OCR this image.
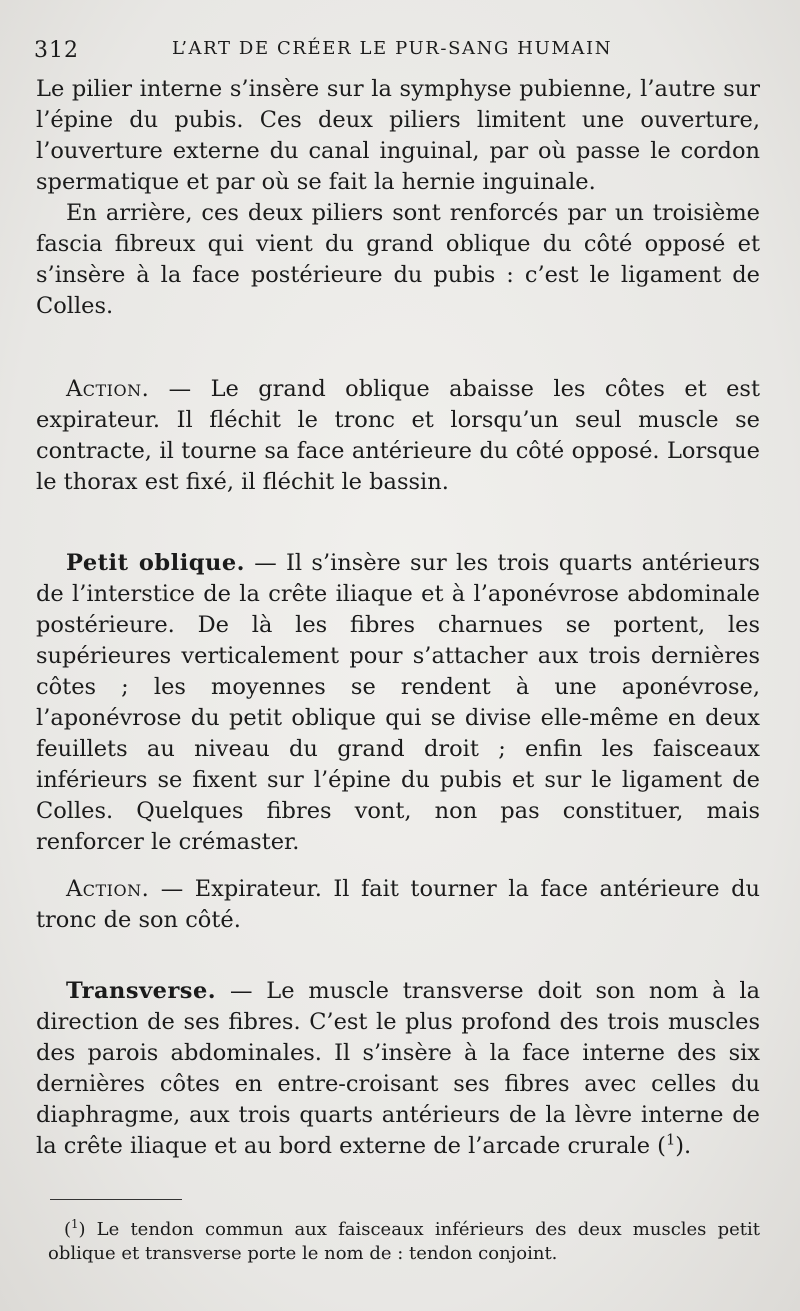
312	L’ART DE CRÉER LE PUR-SANG HUMAIN

Le pilier interne s’insère sur la symphyse pubienne, l’autre sur l’épine du pubis. Ces deux piliers limitent une ouverture, l’ouverture externe du canal inguinal, par où passe le cordon spermatique et par où se fait la hernie inguinale.

En arrière, ces deux piliers sont renforcés par un troisième fascia fibreux qui vient du grand oblique du côté opposé et s’insère à la face postérieure du pubis : c’est le ligament de Colles.

Action. — Le grand oblique abaisse les côtes et est expirateur. Il fléchit le tronc et lorsqu’un seul muscle se contracte, il tourne sa face antérieure du côté opposé. Lorsque le thorax est fixé, il fléchit le bassin.

Petit oblique. — Il s’insère sur les trois quarts antérieurs de l’interstice de la crête iliaque et à l’aponévrose abdominale postérieure. De là les fibres charnues se portent, les supérieures verticalement pour s’attacher aux trois dernières côtes ; les moyennes se rendent à une aponévrose, l’aponévrose du petit oblique qui se divise elle-même en deux feuillets au niveau du grand droit ; enfin les faisceaux inférieurs se fixent sur l’épine du pubis et sur le ligament de Colles. Quelques fibres vont, non pas constituer, mais renforcer le crémaster.

Action. — Expirateur. Il fait tourner la face antérieure du tronc de son côté.

Transverse. — Le muscle transverse doit son nom à la direction de ses fibres. C’est le plus profond des trois muscles des parois abdominales. Il s’insère à la face interne des six dernières côtes en entre-croisant ses fibres avec celles du diaphragme, aux trois quarts antérieurs de la lèvre interne de la crête iliaque et au bord externe de l’arcade crurale ($^1$).

($^1$) Le tendon commun aux faisceaux inférieurs des deux muscles petit oblique et transverse porte le nom de : tendon conjoint.
